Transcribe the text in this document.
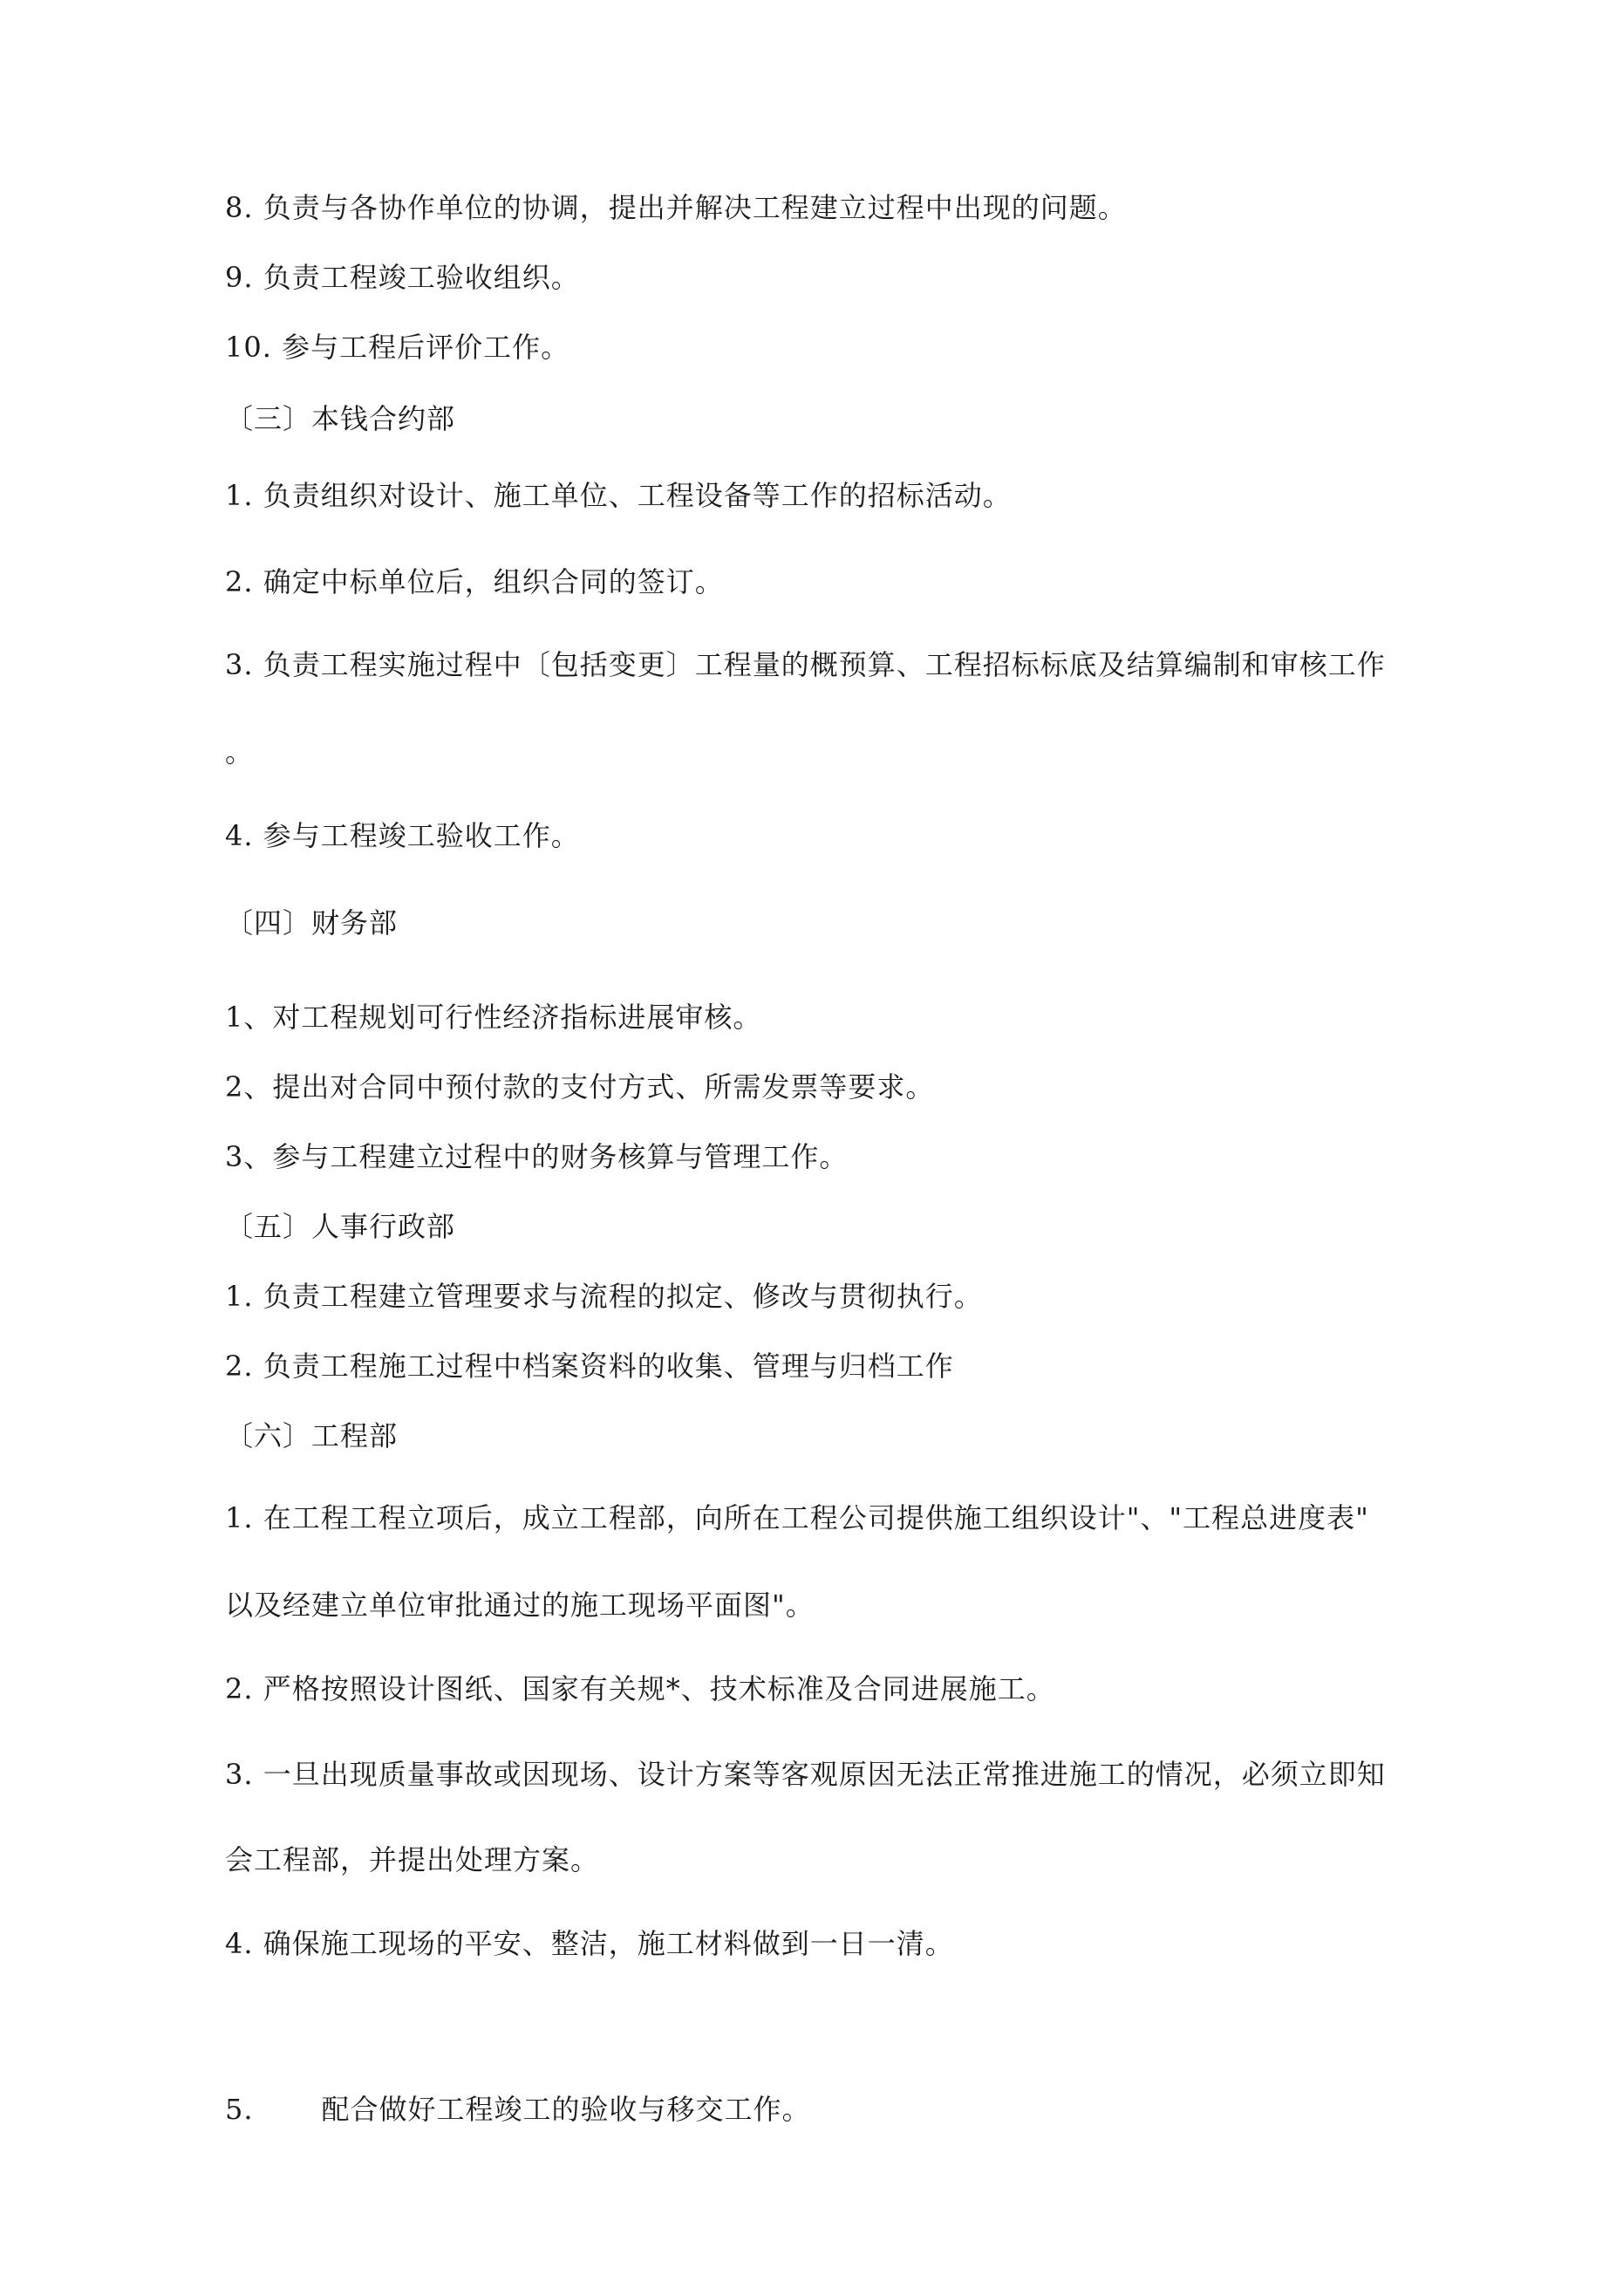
8. 负责与各协作单位的协调，提出并解决工程建立过程中出现的问题。

9. 负责工程竣工验收组织。

10. 参与工程后评价工作。

〔三〕本钱合约部

1. 负责组织对设计、施工单位、工程设备等工作的招标活动。

2. 确定中标单位后，组织合同的签订。

3. 负责工程实施过程中〔包括变更〕工程量的概预算、工程招标标底及结算编制和审核工作

。

4. 参与工程竣工验收工作。

〔四〕财务部

1、对工程规划可行性经济指标进展审核。

2、提出对合同中预付款的支付方式、所需发票等要求。

3、参与工程建立过程中的财务核算与管理工作。

〔五〕人事行政部

1. 负责工程建立管理要求与流程的拟定、修改与贯彻执行。

2. 负责工程施工过程中档案资料的收集、管理与归档工作

〔六〕工程部

1. 在工程工程立项后，成立工程部，向所在工程公司提供施工组织设计"、"工程总进度表"

以及经建立单位审批通过的施工现场平面图"。

2. 严格按照设计图纸、国家有关规*、技术标准及合同进展施工。

3. 一旦出现质量事故或因现场、设计方案等客观原因无法正常推进施工的情况，必须立即知

会工程部，并提出处理方案。

4. 确保施工现场的平安、整洁，施工材料做到一日一清。

5. 配合做好工程竣工的验收与移交工作。
